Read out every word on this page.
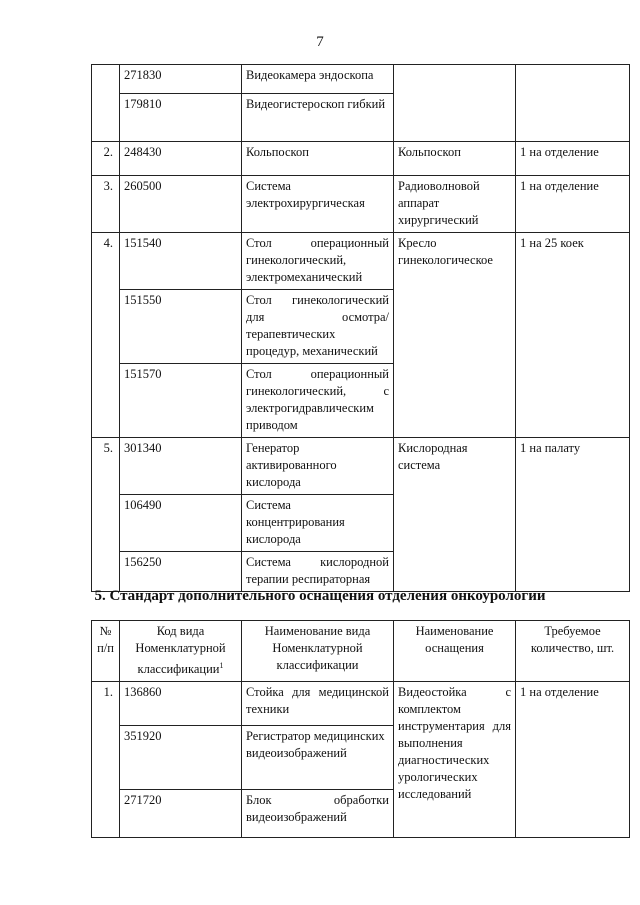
7
	271830	Видеокамера эндоскопа		
	179810	Видеогистероскоп гибкий		
2.	248430	Кольпоскоп	Кольпоскоп	1 на отделение
3.	260500	Система электрохирургическая	Радиоволновой аппарат хирургический	1 на отделение
4.	151540	Стол операционный гинекологический, электромеханический	Кресло гинекологическое	1 на 25 коек
	151550	Стол гинекологический для осмотра/терапевтических процедур, механический		
	151570	Стол операционный гинекологический, с электрогидравлическим приводом		
5.	301340	Генератор активированного кислорода	Кислородная система	1 на палату
	106490	Система концентрирования кислорода		
	156250	Система кислородной терапии респираторная		
5. Стандарт дополнительного оснащения отделения онкоурологии
№ п/п	Код вида Номенклатурной классификации$^1$	Наименование вида Номенклатурной классификации	Наименование оснащения	Требуемое количество, шт.
1.	136860	Стойка для медицинской техники	Видеостойка с комплектом инструментария для выполнения диагностических урологических исследований	1 на отделение
	351920	Регистратор медицинских видеоизображений		
	271720	Блок обработки видеоизображений		
